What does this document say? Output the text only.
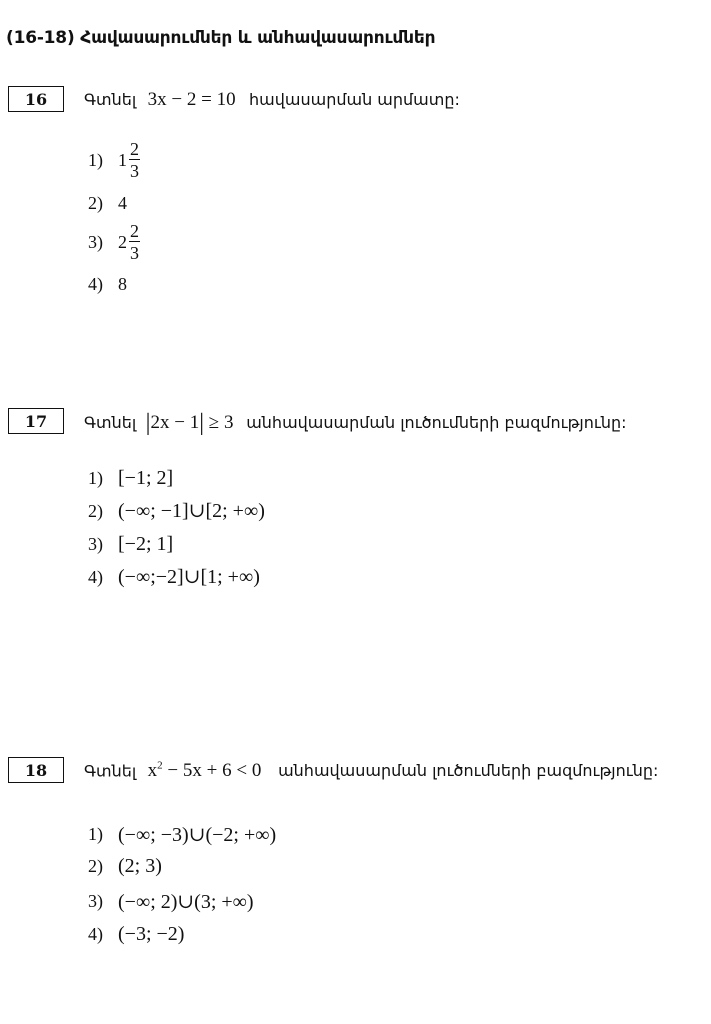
(16-18) Հավասարումներ և անհավասարումներ
16	Գտնել 3x − 2 = 10 հավասարման արմատը:
1) $1 \frac{2}{3}$
2) 4
3) $2 \frac{2}{3}$
4) 8
17	Գտնել |2x − 1| ≥ 3 անհավասարման լուծումների բազմությունը:
1) [−1; 2]
2) (−∞; −1]∪[2; +∞)
3) [−2; 1]
4) (−∞;−2]∪[1; +∞)
18	Գտնել $x^2 - 5x + 6 < 0$ անհավասարման լուծումների բազմությունը:
1) (−∞; −3)∪(−2; +∞)
2) (2; 3)
3) (−∞; 2)∪(3; +∞)
4) (−3; −2)
